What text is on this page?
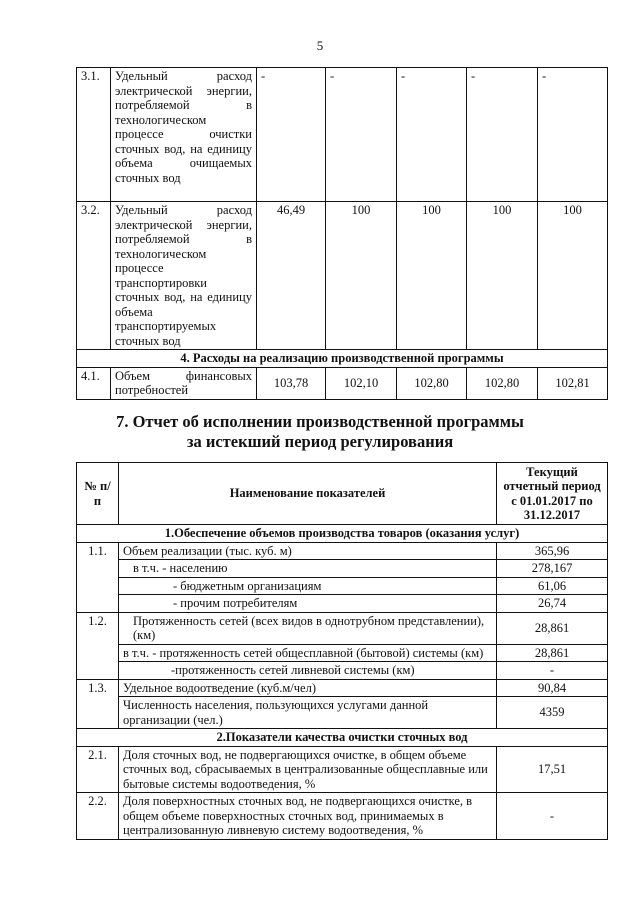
5
3.1.	Удельный расход электрической энергии, потребляемой в технологическом процессе очистки сточных вод, на единицу объема очищаемых сточных вод	-	-	-	-	-
3.2.	Удельный расход электрической энергии, потребляемой в технологическом процессе транспортировки сточных вод, на единицу объема транспортируемых сточных вод	46,49	100	100	100	100
4. Расходы на реализацию производственной программы						
4.1.	Объем финансовых потребностей	103,78	102,10	102,80	102,80	102,81
7. Отчет об исполнении производственной программы
за истекший период регулирования
№ п/п	Наименование показателей	Текущий отчетный период с 01.01.2017 по 31.12.2017
1.Обеспечение объемов производства товаров (оказания услуг)		
1.1.	Объем реализации (тыс. куб. м)	365,96
	в т.ч. - населению	278,167
	- бюджетным организациям	61,06
	- прочим потребителям	26,74
1.2.	Протяженность сетей (всех видов в однотрубном представлении), (км)	28,861
	в т.ч. - протяженность сетей общесплавной (бытовой) системы (км)	28,861
	-протяженность сетей ливневой системы (км)	-
1.3.	Удельное водоотведение (куб.м/чел)	90,84
	Численность населения, пользующихся услугами данной организации (чел.)	4359
2.Показатели качества очистки сточных вод		
2.1.	Доля сточных вод, не подвергающихся очистке, в общем объеме сточных вод, сбрасываемых в централизованные общесплавные или бытовые системы водоотведения, %	17,51
2.2.	Доля поверхностных сточных вод, не подвергающихся очистке, в общем объеме поверхностных сточных вод, принимаемых в централизованную ливневую систему водоотведения, %	-
